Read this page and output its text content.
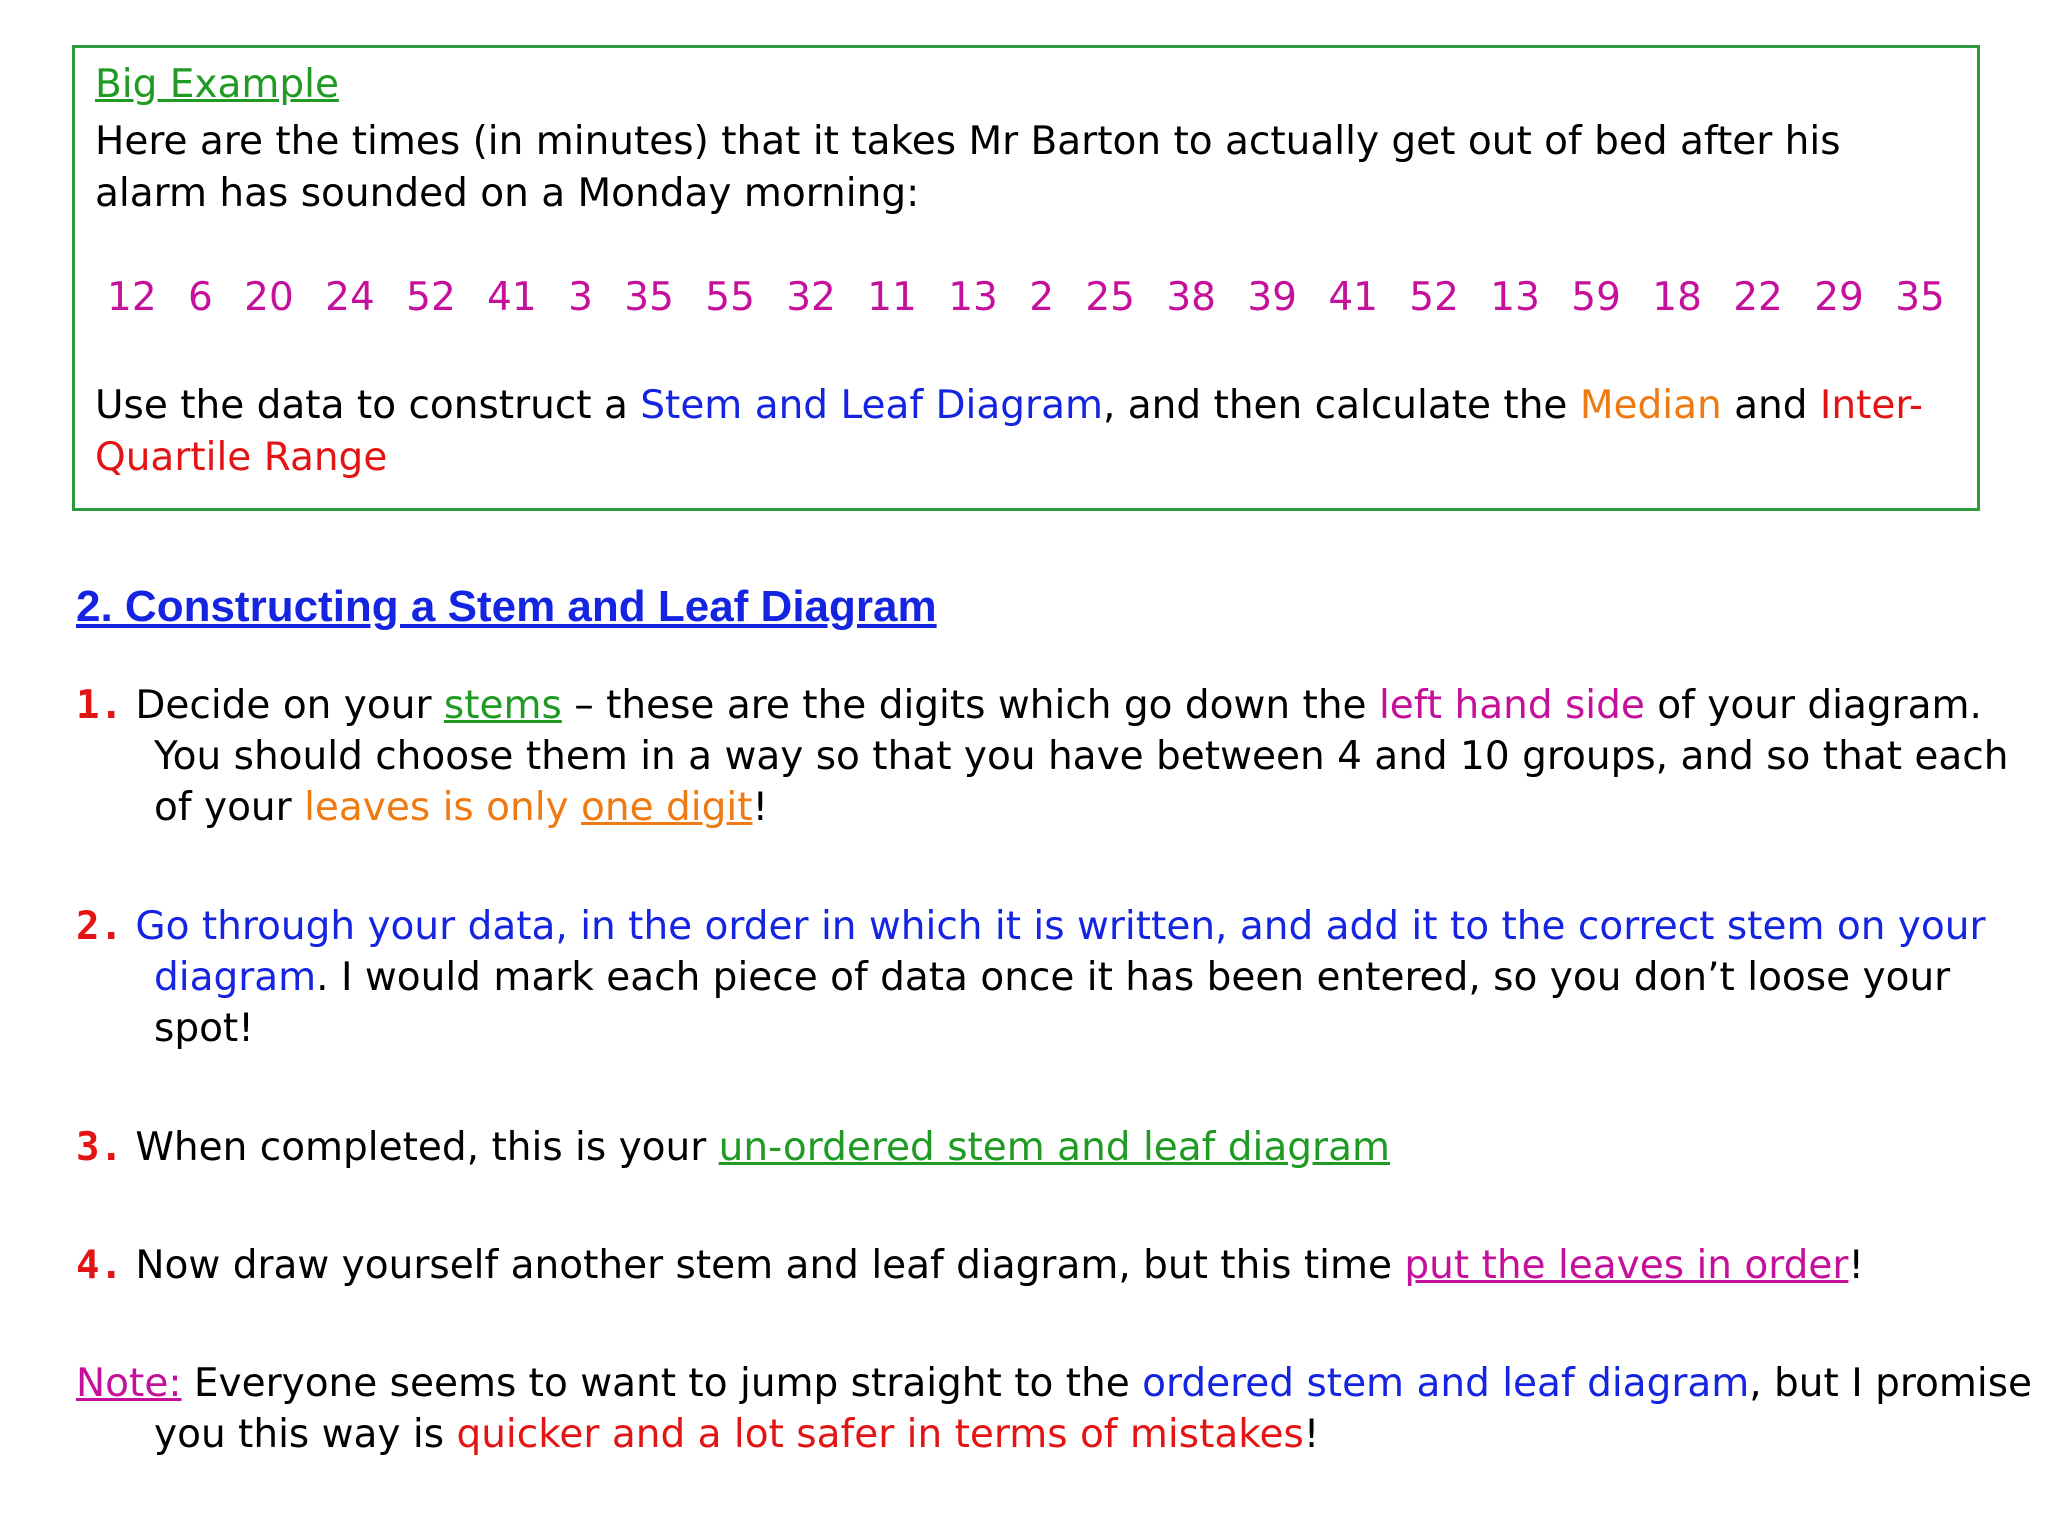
Big Example

Here are the times (in minutes) that it takes Mr Barton to actually get out of bed after his alarm has sounded on a Monday morning:

12 6 20 24 52 41 3 35 55 32 11 13 2 25 38 39 41 52 13 59 18 22 29 35

Use the data to construct a Stem and Leaf Diagram, and then calculate the Median and Inter-Quartile Range

2. Constructing a Stem and Leaf Diagram

1. Decide on your stems – these are the digits which go down the left hand side of your diagram. You should choose them in a way so that you have between 4 and 10 groups, and so that each of your leaves is only one digit!

2. Go through your data, in the order in which it is written, and add it to the correct stem on your diagram. I would mark each piece of data once it has been entered, so you don’t loose your spot!

3. When completed, this is your un-ordered stem and leaf diagram

4. Now draw yourself another stem and leaf diagram, but this time put the leaves in order!

Note: Everyone seems to want to jump straight to the ordered stem and leaf diagram, but I promise you this way is quicker and a lot safer in terms of mistakes!
